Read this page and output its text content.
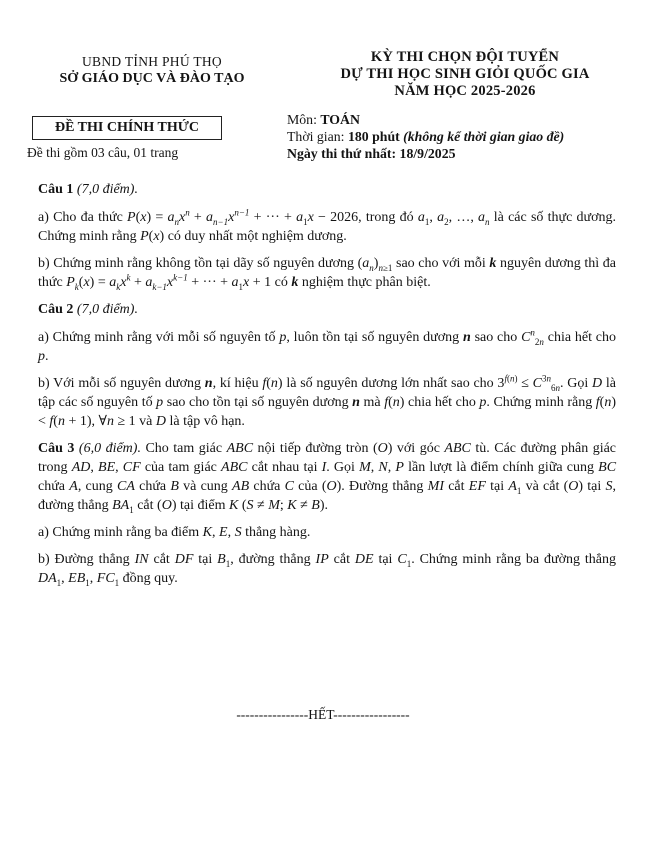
UBND TỈNH PHÚ THỌ
SỞ GIÁO DỤC VÀ ĐÀO TẠO
ĐỀ THI CHÍNH THỨC
Đề thi gồm 03 câu, 01 trang
KỲ THI CHỌN ĐỘI TUYỂN
DỰ THI HỌC SINH GIỎI QUỐC GIA
NĂM HỌC 2025-2026
Môn: TOÁN
Thời gian: 180 phút (không kể thời gian giao đề)
Ngày thi thứ nhất: 18/9/2025

Câu 1 (7,0 điểm).

a) Cho đa thức $P(x) = a_nx^n + a_{n-1}x^{n-1}$ + ··· + $a_1x - 2026$, trong đó $a_1$, $a_2$, …, $a_n$ là các số thực dương. Chứng minh rằng P(x) có duy nhất một nghiệm dương.

b) Chứng minh rằng không tồn tại dãy số nguyên dương $(a_n)_{n\ge 1}$ sao cho với mỗi k nguyên dương thì đa thức $P_k(x) = a_kx^k + a_{k-1}x^{k-1}$ + ··· + $a_1x + 1$ có k nghiệm thực phân biệt.

Câu 2 (7,0 điểm).

a) Chứng minh rằng với mỗi số nguyên tố p, luôn tồn tại số nguyên dương n sao cho $C^n_{2n}$ chia hết cho p.

b) Với mỗi số nguyên dương n, kí hiệu f(n) là số nguyên dương lớn nhất sao cho $3^{f(n)} \le C^{3n}_{6n}$. Gọi D là tập các số nguyên tố p sao cho tồn tại số nguyên dương n mà f(n) chia hết cho p. Chứng minh rằng f(n) < f(n + 1), ∀n ≥ 1 và D là tập vô hạn.

Câu 3 (6,0 điểm). Cho tam giác ABC nội tiếp đường tròn (O) với góc ABC tù. Các đường phân giác trong AD, BE, CF của tam giác ABC cắt nhau tại I. Gọi M, N, P lần lượt là điểm chính giữa cung BC chứa A, cung CA chứa B và cung AB chứa C của (O). Đường thẳng MI cắt EF tại $A_1$ và cắt (O) tại S, đường thẳng $BA_1$ cắt (O) tại điểm K (S ≠ M; K ≠ B).

a) Chứng minh rằng ba điểm K, E, S thẳng hàng.

b) Đường thẳng IN cắt DF tại $B_1$, đường thẳng IP cắt DE tại $C_1$. Chứng minh rằng ba đường thẳng $DA_1$, $EB_1$, $FC_1$ đồng quy.

----------------HẾT-----------------
